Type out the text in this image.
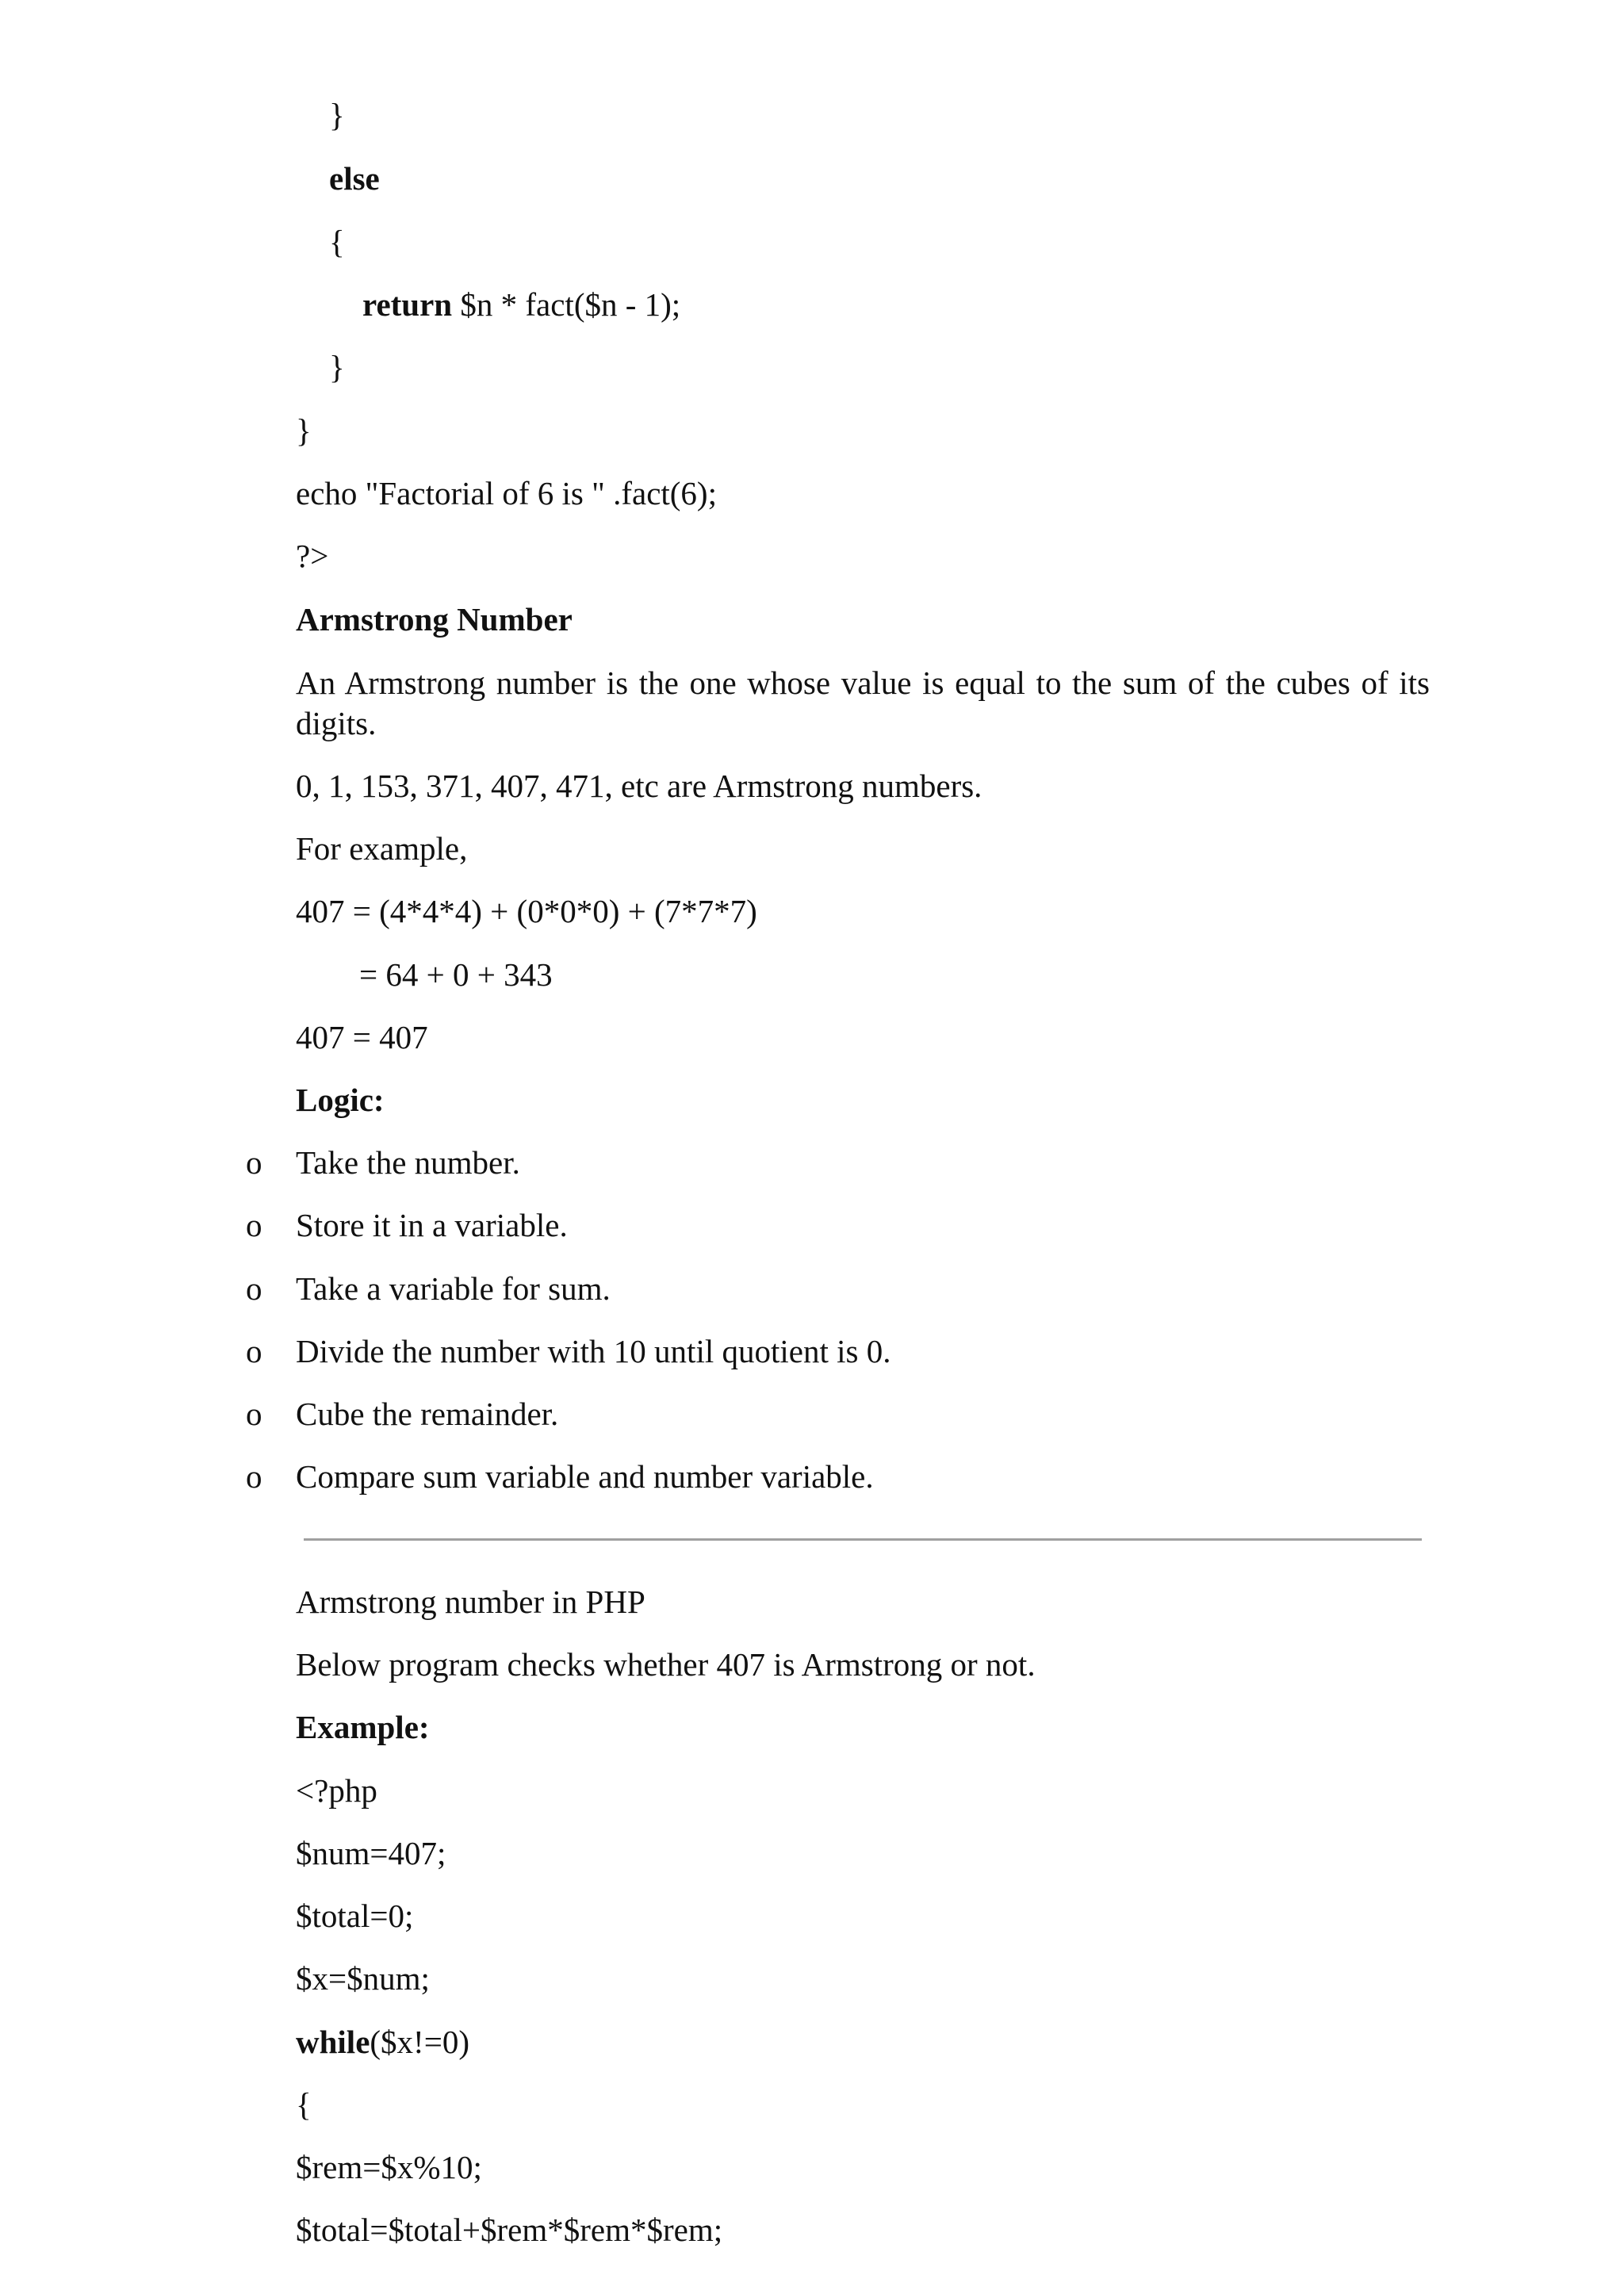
}
else
{
return $n * fact($n - 1);
}
}
echo "Factorial of 6 is " .fact(6);
?>
Armstrong Number
An Armstrong number is the one whose value is equal to the sum of the cubes of its digits.
0, 1, 153, 371, 407, 471, etc are Armstrong numbers.
For example,
407 = (4*4*4) + (0*0*0) + (7*7*7)
= 64 + 0 + 343
407 = 407
Logic:
o Take the number.
o Store it in a variable.
o Take a variable for sum.
o Divide the number with 10 until quotient is 0.
o Cube the remainder.
o Compare sum variable and number variable.
Armstrong number in PHP
Below program checks whether 407 is Armstrong or not.
Example:
<?php
$num=407;
$total=0;
$x=$num;
while($x!=0)
{
$rem=$x%10;
$total=$total+$rem*$rem*$rem;
